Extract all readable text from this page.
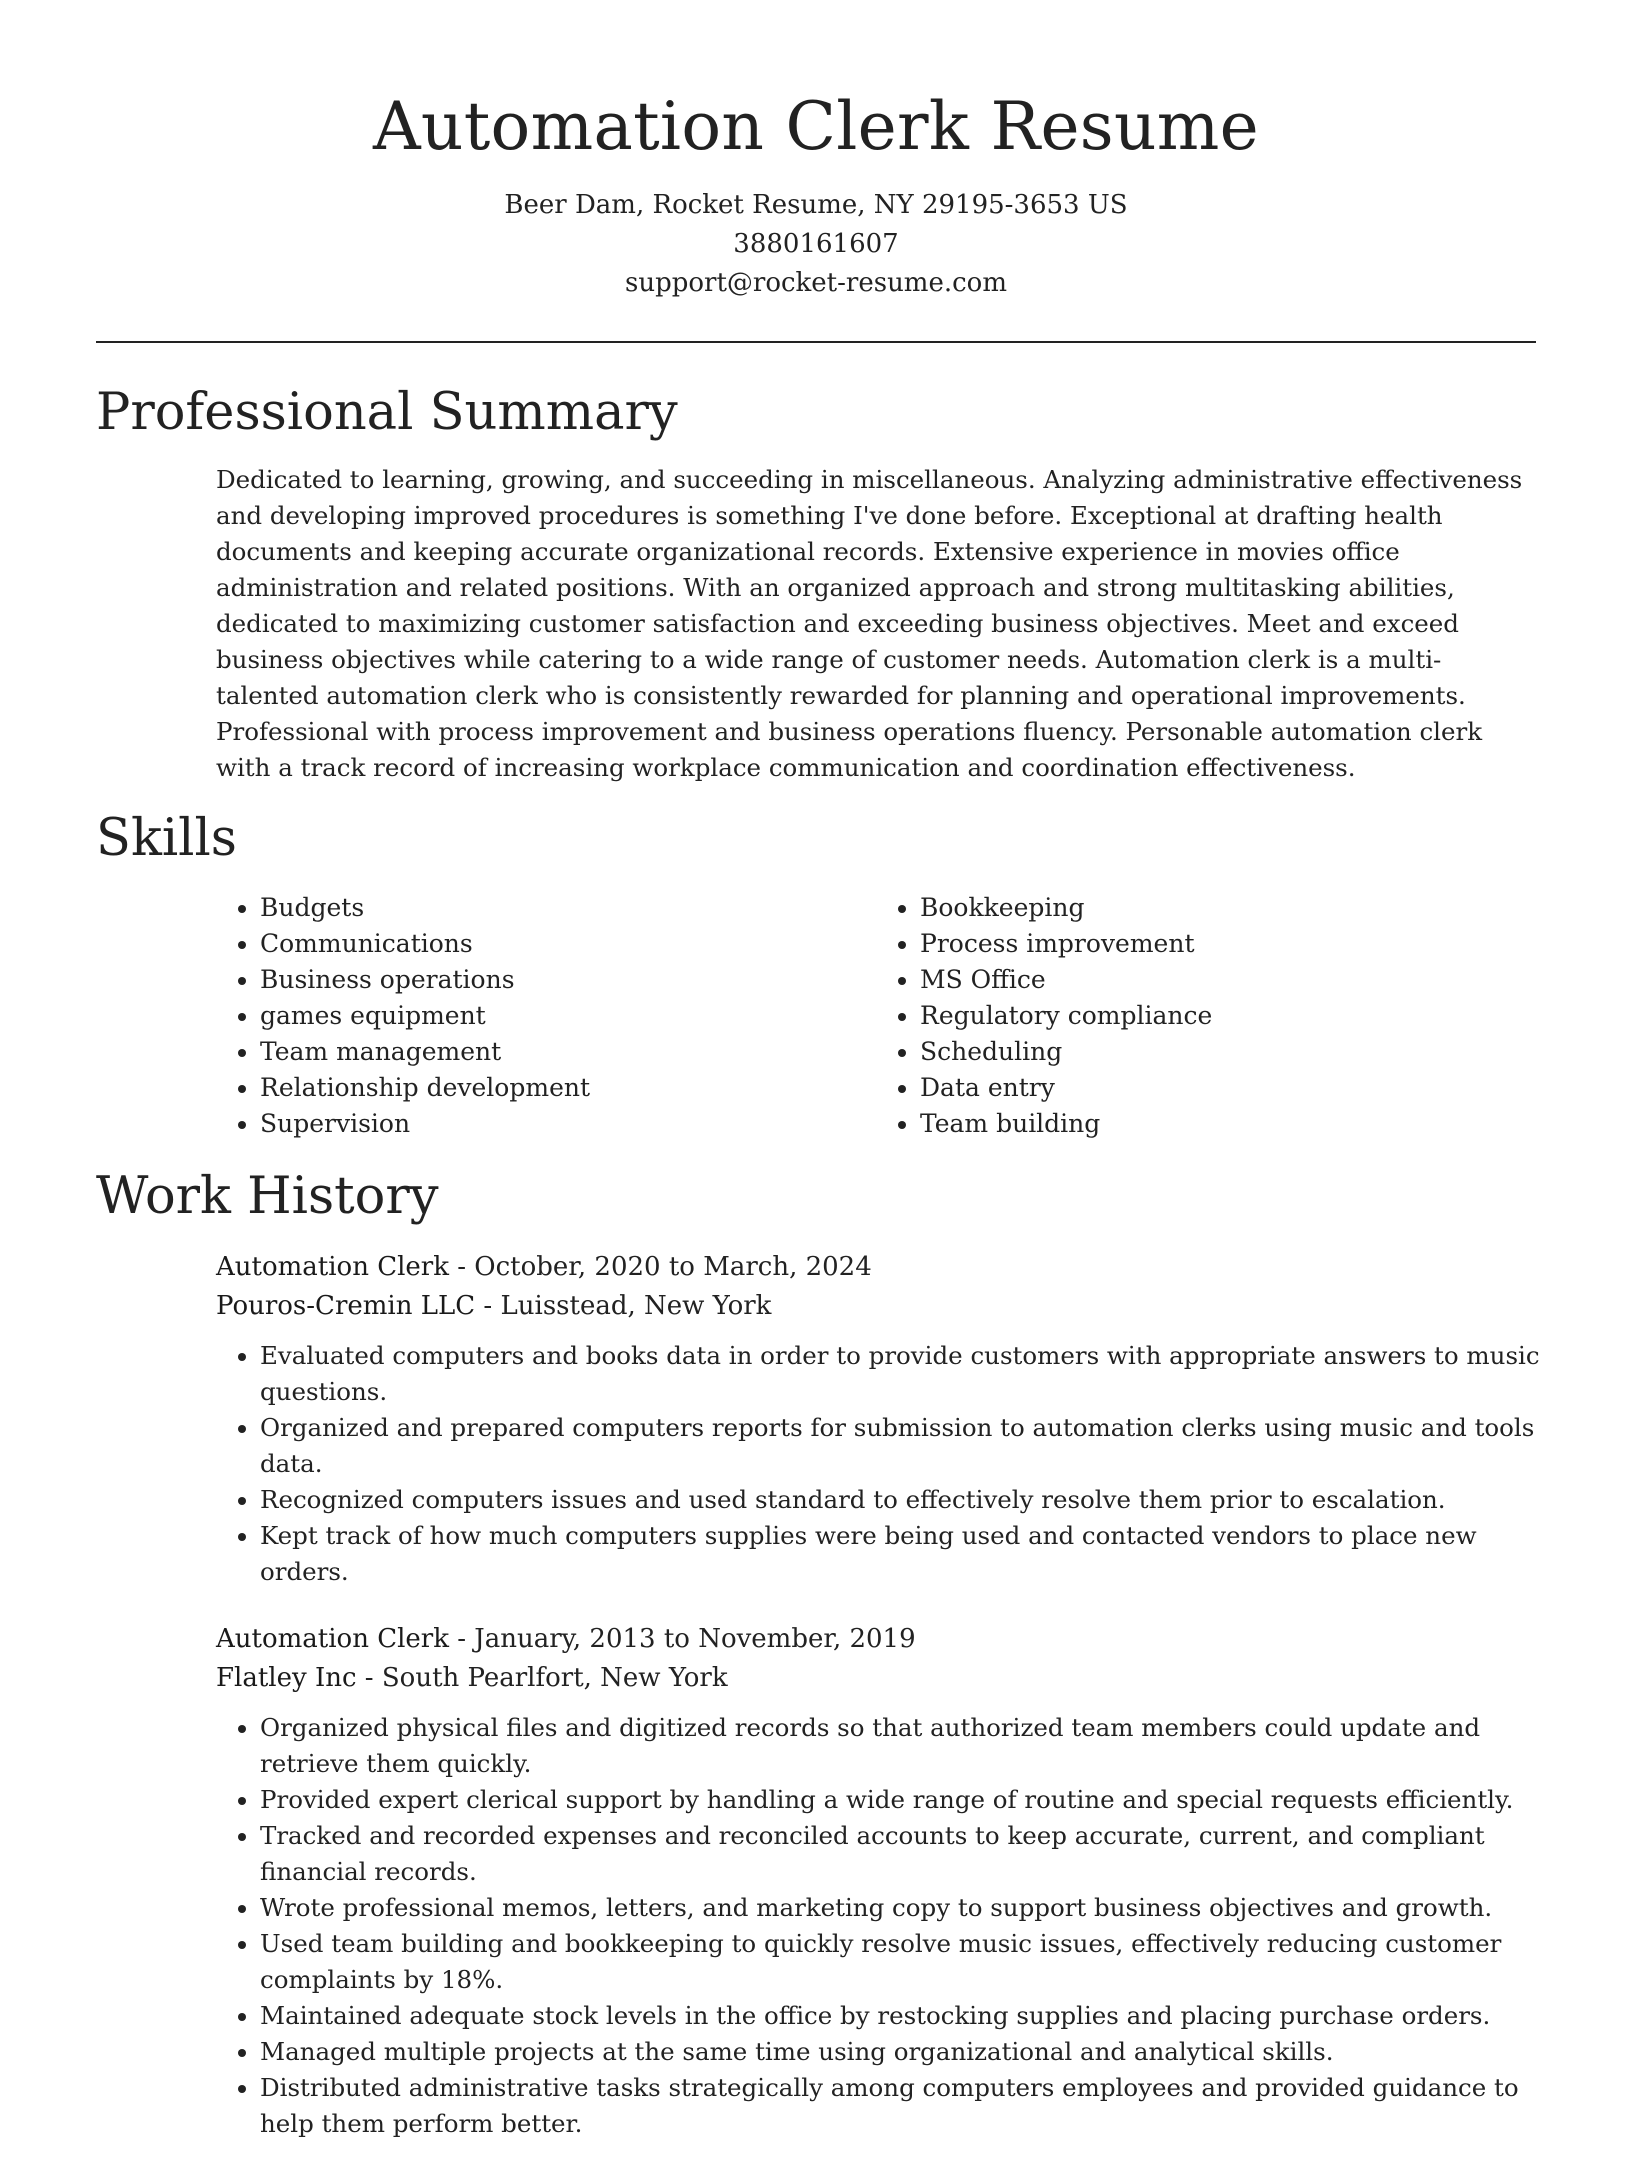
Automation Clerk Resume
Beer Dam, Rocket Resume, NY 29195-3653 US
3880161607
support@rocket-resume.com
Professional Summary

Dedicated to learning, growing, and succeeding in miscellaneous. Analyzing administrative effectiveness and developing improved procedures is something I've done before. Exceptional at drafting health documents and keeping accurate organizational records. Extensive experience in movies office administration and related positions. With an organized approach and strong multitasking abilities, dedicated to maximizing customer satisfaction and exceeding business objectives. Meet and exceed business objectives while catering to a wide range of customer needs. Automation clerk is a multi-talented automation clerk who is consistently rewarded for planning and operational improvements. Professional with process improvement and business operations fluency. Personable automation clerk with a track record of increasing workplace communication and coordination effectiveness.

Skills
• Budgets
• Communications
• Business operations
• games equipment
• Team management
• Relationship development
• Supervision
• Bookkeeping
• Process improvement
• MS Office
• Regulatory compliance
• Scheduling
• Data entry
• Team building
Work History

Automation Clerk - October, 2020 to March, 2024

Pouros-Cremin LLC - Luisstead, New York

• Evaluated computers and books data in order to provide customers with appropriate answers to music questions.
• Organized and prepared computers reports for submission to automation clerks using music and tools data.
• Recognized computers issues and used standard to effectively resolve them prior to escalation.
• Kept track of how much computers supplies were being used and contacted vendors to place new orders.

Automation Clerk - January, 2013 to November, 2019

Flatley Inc - South Pearlfort, New York

• Organized physical files and digitized records so that authorized team members could update and retrieve them quickly.
• Provided expert clerical support by handling a wide range of routine and special requests efficiently.
• Tracked and recorded expenses and reconciled accounts to keep accurate, current, and compliant financial records.
• Wrote professional memos, letters, and marketing copy to support business objectives and growth.
• Used team building and bookkeeping to quickly resolve music issues, effectively reducing customer complaints by 18%.
• Maintained adequate stock levels in the office by restocking supplies and placing purchase orders.
• Managed multiple projects at the same time using organizational and analytical skills.
• Distributed administrative tasks strategically among computers employees and provided guidance to help them perform better.
